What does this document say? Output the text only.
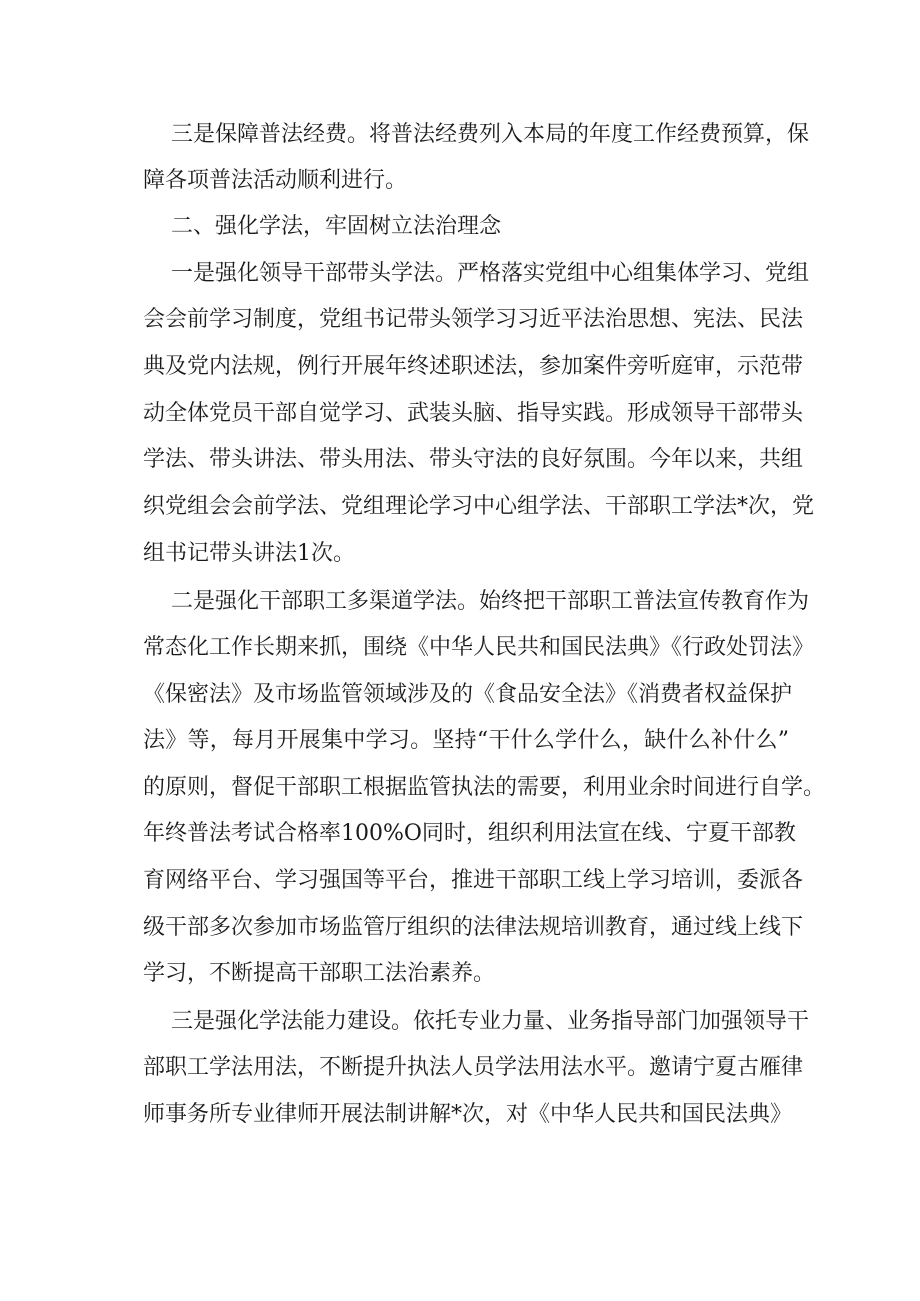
三是保障普法经费。将普法经费列入本局的年度工作经费预算，保

障各项普法活动顺利进行。

二、强化学法，牢固树立法治理念

一是强化领导干部带头学法。严格落实党组中心组集体学习、党组

会会前学习制度，党组书记带头领学习习近平法治思想、宪法、民法

典及党内法规，例行开展年终述职述法，参加案件旁听庭审，示范带

动全体党员干部自觉学习、武装头脑、指导实践。形成领导干部带头

学法、带头讲法、带头用法、带头守法的良好氛围。今年以来，共组

织党组会会前学法、党组理论学习中心组学法、干部职工学法*次，党

组书记带头讲法1次。

二是强化干部职工多渠道学法。始终把干部职工普法宣传教育作为

常态化工作长期来抓，围绕《中华人民共和国民法典》《行政处罚法》

《保密法》及市场监管领域涉及的《食品安全法》《消费者权益保护

法》等，每月开展集中学习。坚持“干什么学什么，缺什么补什么”

的原则，督促干部职工根据监管执法的需要，利用业余时间进行自学。

年终普法考试合格率100%O同时，组织利用法宣在线、宁夏干部教

育网络平台、学习强国等平台，推进干部职工线上学习培训，委派各

级干部多次参加市场监管厅组织的法律法规培训教育，通过线上线下

学习，不断提高干部职工法治素养。

三是强化学法能力建设。依托专业力量、业务指导部门加强领导干

部职工学法用法，不断提升执法人员学法用法水平。邀请宁夏古雁律

师事务所专业律师开展法制讲解*次，对《中华人民共和国民法典》
